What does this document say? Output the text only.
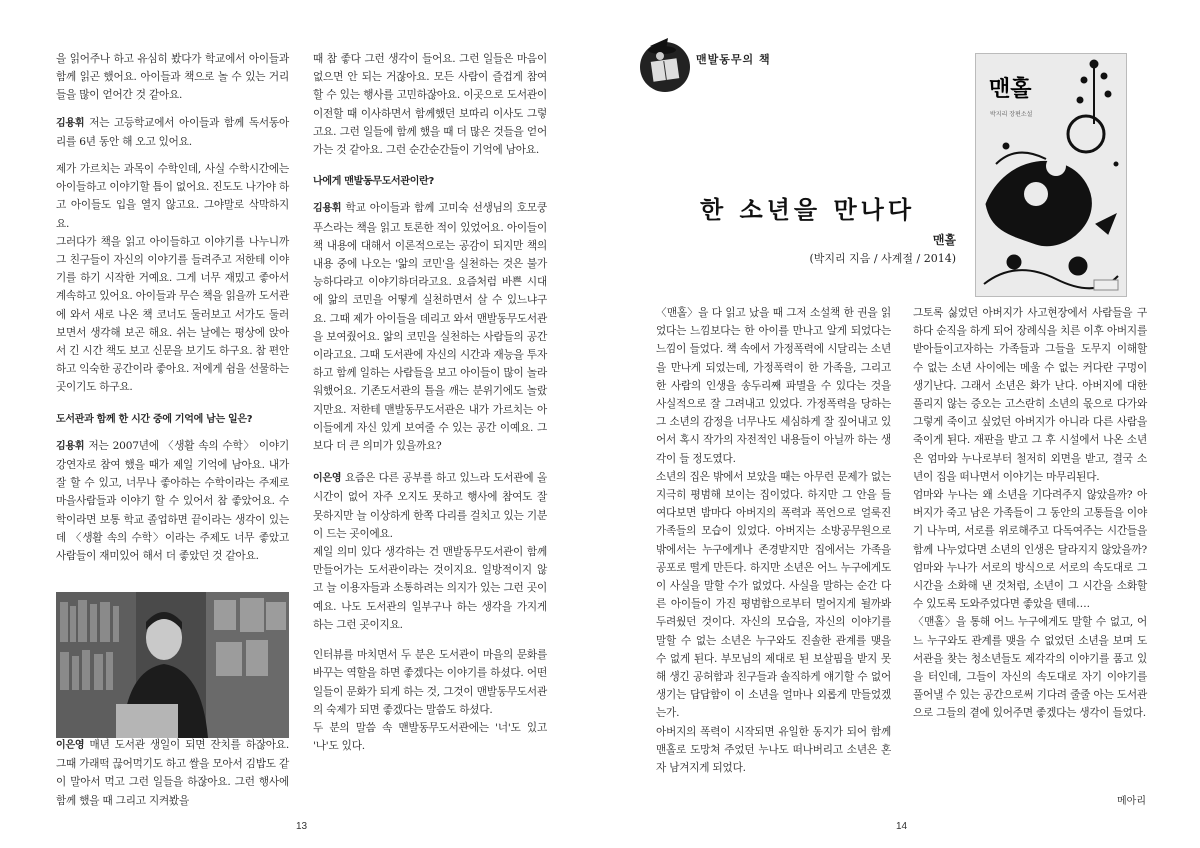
을 읽어주나 하고 유심히 봤다가 학교에서 아이들과 함께 읽곤 했어요. 아이들과 책으로 놀 수 있는 거리들을 많이 얻어간 것 같아요.

김용휘 저는 고등학교에서 아이들과 함께 독서동아리를 6년 동안 해 오고 있어요.

제가 가르치는 과목이 수학인데, 사실 수학시간에는 아이들하고 이야기할 틈이 없어요. 진도도 나가야 하고 아이들도 입을 열지 않고요. 그야말로 삭막하지요.

그러다가 책을 읽고 아이들하고 이야기를 나누니까 그 친구들이 자신의 이야기를 들려주고 저한테 이야기를 하기 시작한 거예요. 그게 너무 재밌고 좋아서 계속하고 있어요. 아이들과 무슨 책을 읽을까 도서관에 와서 새로 나온 책 코너도 둘러보고 서가도 둘러보면서 생각해 보곤 해요. 쉬는 날에는 평상에 앉아서 긴 시간 책도 보고 신문을 보기도 하구요. 참 편안하고 익숙한 공간이라 좋아요. 저에게 쉼을 선물하는 곳이기도 하구요.

도서관과 함께 한 시간 중에 기억에 남는 일은?

김용휘 저는 2007년에 〈생활 속의 수학〉 이야기 강연자로 참여 했을 때가 제일 기억에 남아요. 내가 잘 할 수 있고, 너무나 좋아하는 수학이라는 주제로 마을사람들과 이야기 할 수 있어서 참 좋았어요. 수학이라면 보통 학교 졸업하면 끝이라는 생각이 있는데 〈생활 속의 수학〉이라는 주제도 너무 좋았고 사람들이 재미있어 해서 더 좋았던 것 같아요.

이은영 매년 도서관 생일이 되면 잔치를 하잖아요. 그때 가래떡 끊어먹기도 하고 쌀을 모아서 김밥도 같이 말아서 먹고 그런 일들을 하잖아요. 그런 행사에 함께 했을 때 그리고 지켜봤을

때 참 좋다 그런 생각이 들어요. 그런 일들은 마음이 없으면 안 되는 거잖아요. 모든 사람이 즐겁게 참여할 수 있는 행사를 고민하잖아요. 이곳으로 도서관이 이전할 때 이사하면서 함께했던 보따리 이사도 그렇고요. 그런 일들에 함께 했을 때 더 많은 것들을 얻어가는 것 같아요. 그런 순간순간들이 기억에 남아요.

나에게 맨발동무도서관이란?

김용휘 학교 아이들과 함께 고미숙 선생님의 호모쿵푸스라는 책을 읽고 토론한 적이 있었어요. 아이들이 책 내용에 대해서 이론적으로는 공감이 되지만 책의 내용 중에 나오는 '앎의 코민'을 실천하는 것은 불가능하다라고 이야기하더라고요. 요즘처럼 바쁜 시대에 앎의 코민을 어떻게 실천하면서 살 수 있느냐구요. 그때 제가 아이들을 데리고 와서 맨발동무도서관을 보여줬어요. 앎의 코민을 실천하는 사람들의 공간이라고요. 그때 도서관에 자신의 시간과 재능을 투자하고 함께 일하는 사람들을 보고 아이들이 많이 놀라워했어요. 기존도서관의 틀을 깨는 분위기에도 놀랐지만요. 저한테 맨발동무도서관은 내가 가르치는 아이들에게 자신 있게 보여줄 수 있는 공간 이예요. 그보다 더 큰 의미가 있을까요?

이은영 요즘은 다른 공부를 하고 있느라 도서관에 올 시간이 없어 자주 오지도 못하고 행사에 참여도 잘 못하지만 늘 이상하게 한쪽 다리를 걸치고 있는 기분이 드는 곳이에요.

제일 의미 있다 생각하는 건 맨발동무도서관이 함께 만들어가는 도서관이라는 것이지요. 일방적이지 않고 늘 이용자들과 소통하려는 의지가 있는 그런 곳이예요. 나도 도서관의 일부구나 하는 생각을 가지게 하는 그런 곳이지요.

인터뷰를 마치면서 두 분은 도서관이 마을의 문화를 바꾸는 역할을 하면 좋겠다는 이야기를 하셨다. 어떤 일들이 문화가 되게 하는 것, 그것이 맨발동무도서관의 숙제가 되면 좋겠다는 말씀도 하셨다.

두 분의 말씀 속 맨발동무도서관에는 '너'도 있고 '나'도 있다.

13
맨발동무의 책
한 소년을 만나다
맨홀
(박지리 지음 / 사계절 / 2014)

〈맨홀〉을 다 읽고 났을 때 그저 소설책 한 권을 읽었다는 느낌보다는 한 아이를 만나고 알게 되었다는 느낌이 들었다. 책 속에서 가정폭력에 시달리는 소년을 만나게 되었는데, 가정폭력이 한 가족을, 그리고 한 사람의 인생을 송두리째 파멸을 수 있다는 것을 사실적으로 잘 그려내고 있었다. 가정폭력을 당하는 그 소년의 감정을 너무나도 세심하게 잘 짚어내고 있어서 혹시 작가의 자전적인 내용들이 아닐까 하는 생각이 들 정도였다.

소년의 집은 밖에서 보았을 때는 아무런 문제가 없는 지극히 평범해 보이는 집이었다. 하지만 그 안을 들여다보면 밤마다 아버지의 폭력과 폭언으로 얼룩진 가족들의 모습이 있었다. 아버지는 소방공무원으로 밖에서는 누구에게나 존경받지만 집에서는 가족을 공포로 떨게 만든다. 하지만 소년은 어느 누구에게도 이 사실을 말할 수가 없었다. 사실을 말하는 순간 다른 아이들이 가진 평범함으로부터 멀어지게 될까봐 두려웠던 것이다. 자신의 모습을, 자신의 이야기를 말할 수 없는 소년은 누구와도 진솔한 관계를 맺을 수 없게 된다. 부모님의 제대로 된 보살핌을 받지 못해 생긴 공허함과 친구들과 솔직하게 얘기할 수 없어 생기는 답답함이 이 소년을 얼마나 외롭게 만들었겠는가.

아버지의 폭력이 시작되면 유일한 동지가 되어 함께 맨홀로 도망쳐 주었던 누나도 떠나버리고 소년은 혼자 남겨지게 되었다.

그토록 싫었던 아버지가 사고현장에서 사람들을 구하다 순직을 하게 되어 장례식을 치른 이후 아버지를 받아들이고자하는 가족들과 그들을 도무지 이해할 수 없는 소년 사이에는 메울 수 없는 커다란 구멍이 생기난다. 그래서 소년은 화가 난다. 아버지에 대한 풀리지 않는 증오는 고스란히 소년의 몫으로 다가와 그렇게 죽이고 싶었던 아버지가 아니라 다른 사람을 죽이게 된다. 재판을 받고 그 후 시설에서 나온 소년은 엄마와 누나로부터 철저히 외면을 받고, 결국 소년이 집을 떠나면서 이야기는 마무리된다.

엄마와 누나는 왜 소년을 기다려주지 않았을까? 아버지가 죽고 남은 가족들이 그 동안의 고통들을 이야기 나누며, 서로를 위로해주고 다독여주는 시간들을 함께 나누었다면 소년의 인생은 달라지지 않았을까? 엄마와 누나가 서로의 방식으로 서로의 속도대로 그 시간을 소화해 낸 것처럼, 소년이 그 시간을 소화할 수 있도록 도와주었다면 좋았을 텐데….

〈맨홀〉을 통해 어느 누구에게도 말할 수 없고, 어느 누구와도 관계를 맺을 수 없었던 소년을 보며 도서관을 찾는 청소년들도 제각각의 이야기를 품고 있을 터인데, 그들이 자신의 속도대로 자기 이야기를 풀어낼 수 있는 공간으로써 기다려 줄줄 아는 도서관으로 그들의 곁에 있어주면 좋겠다는 생각이 들었다.

메아리
14
맨홀
박지리 장편소설
